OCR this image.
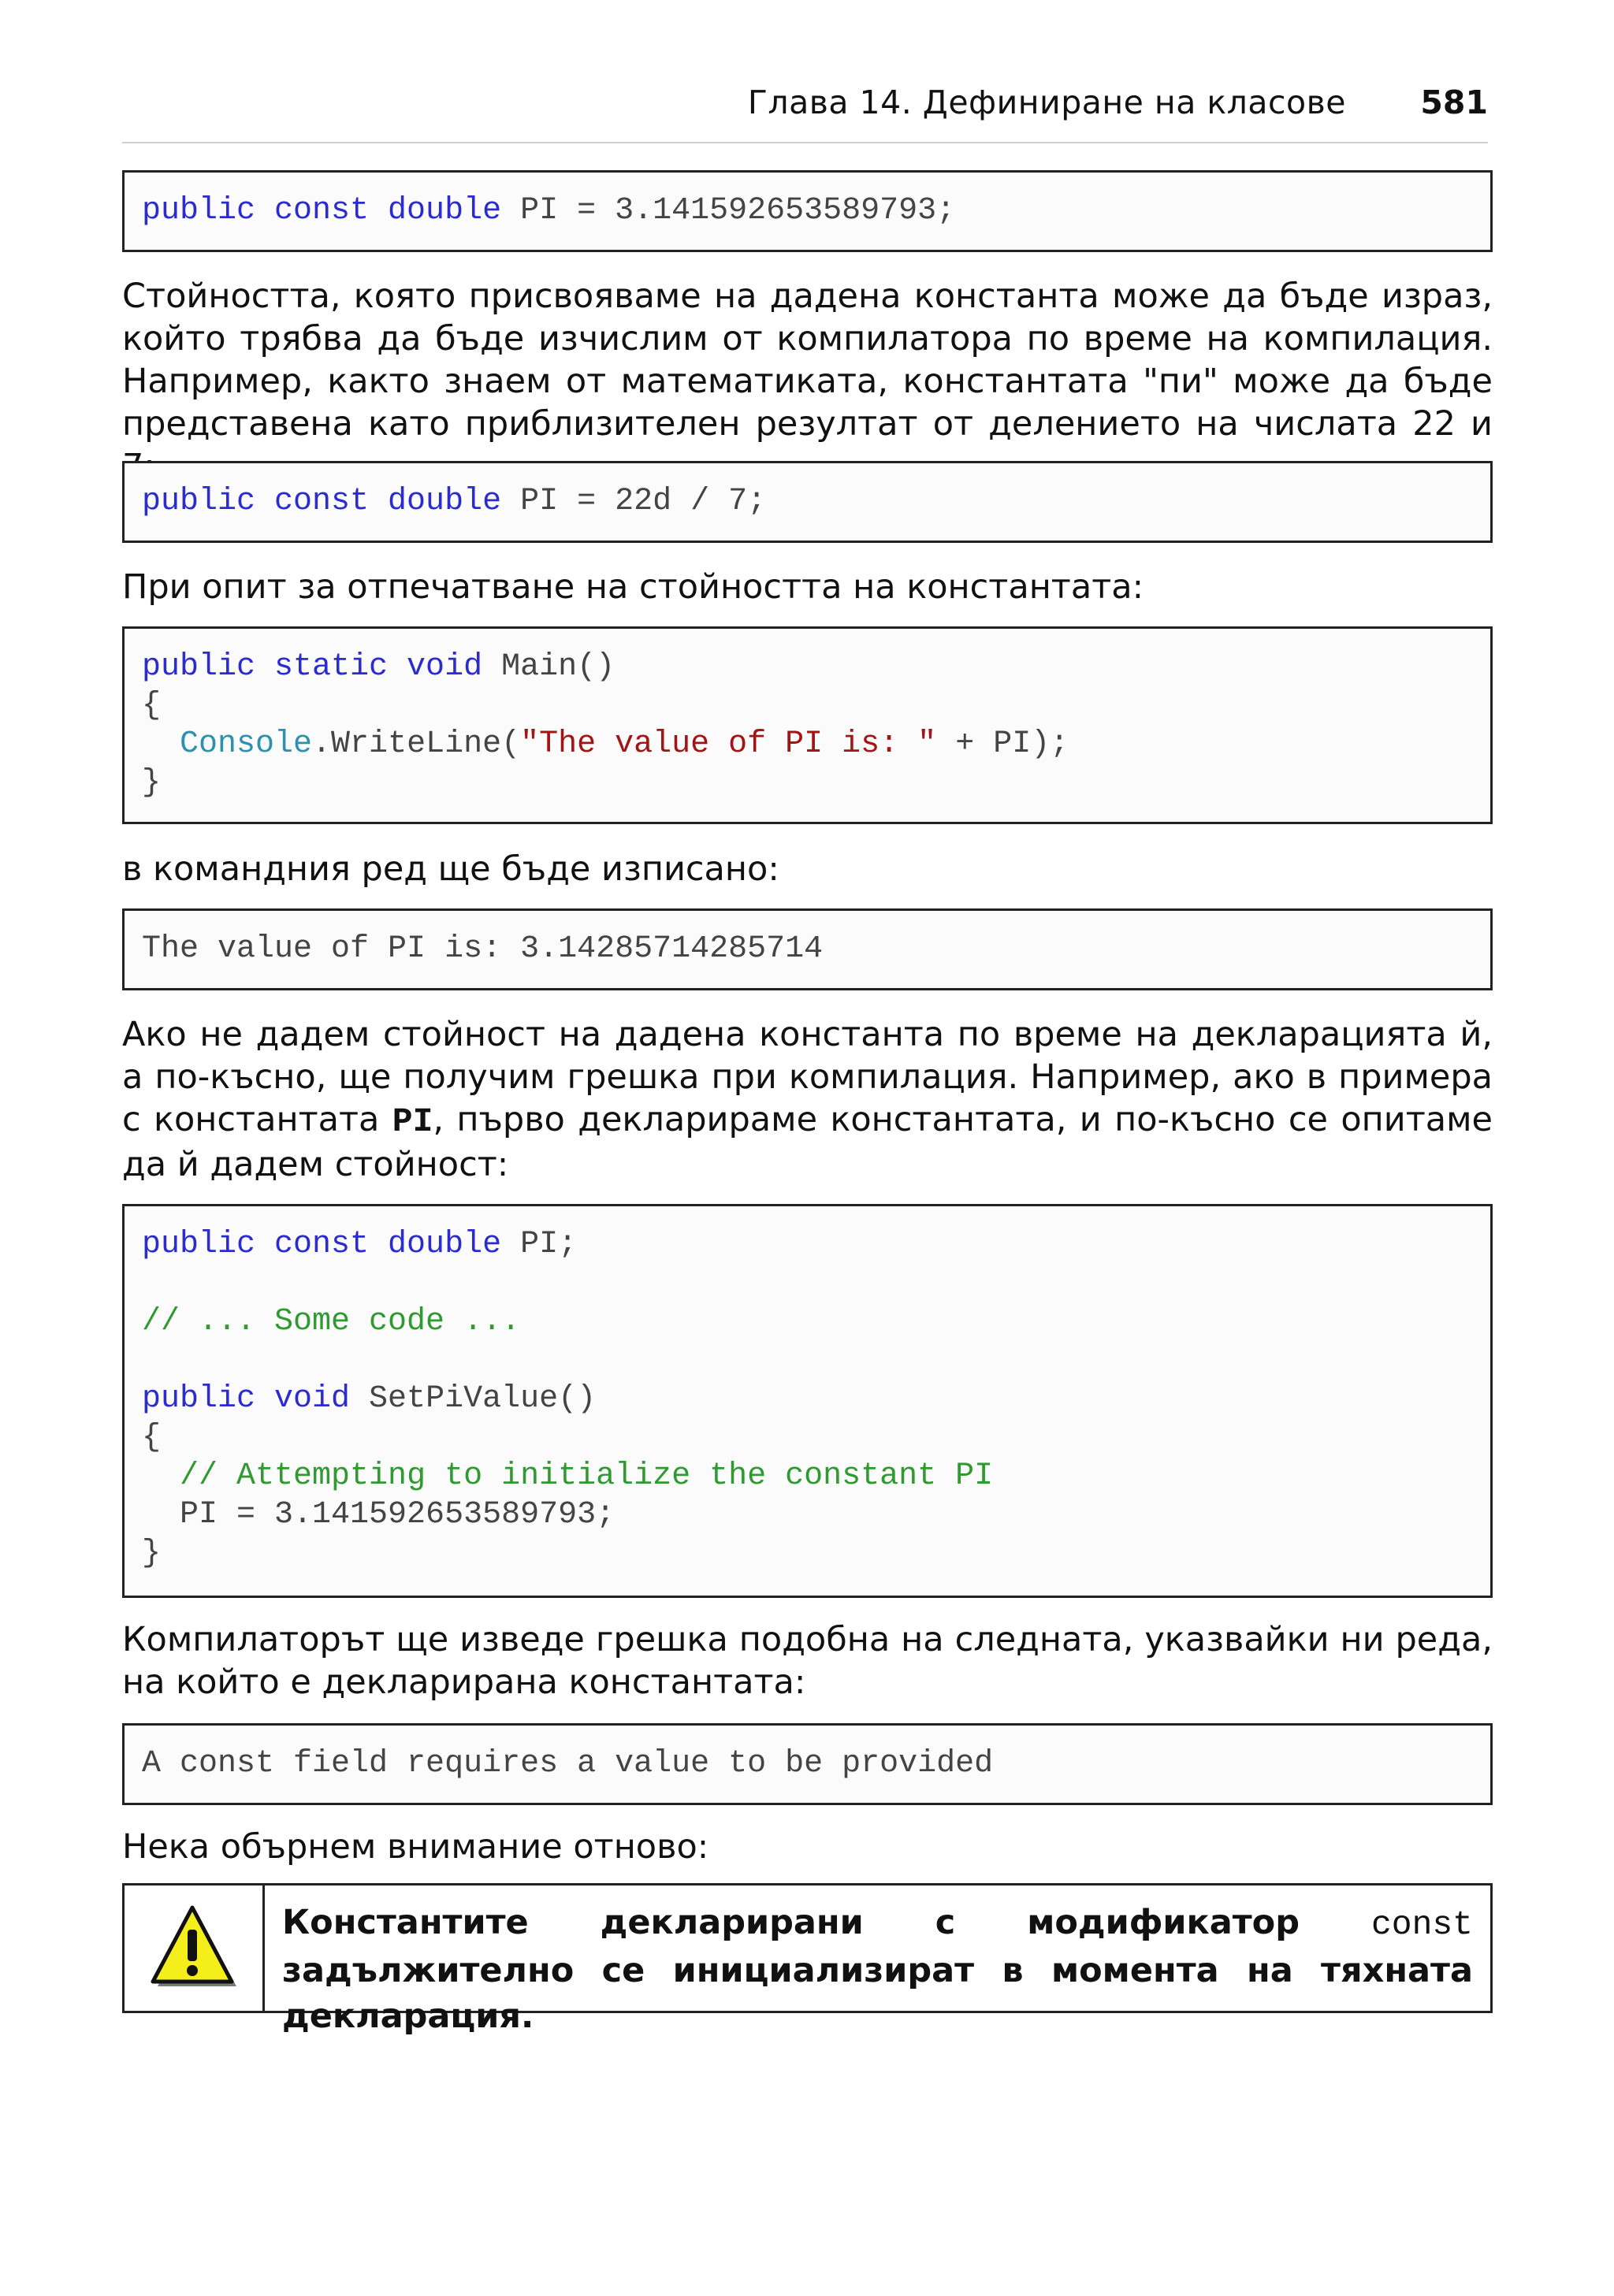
Глава 14. Дефиниране на класове 581
public const double PI = 3.141592653589793;
Стойността, която присвояваме на дадена константа може да бъде израз, който трябва да бъде изчислим от компилатора по време на компилация. Например, както знаем от математиката, константата "пи" може да бъде представена като приблизителен резултат от делението на числата 22 и
public const double PI = 22d / 7;
При опит за отпечатване на стойността на константата:
public static void Main()
{
Console.WriteLine("The value of PI is: " + PI);
}
в командния ред ще бъде изписано:
The value of PI is: 3.14285714285714
Ако не дадем стойност на дадена константа по време на декларацията й, а по-късно, ще получим грешка при компилация. Например, ако в примера с константата PI, първо декларираме константата, и по-късно се опитаме да й дадем стойност:
public const double PI;
// ... Some code ...
public void SetPiValue()
{
// Attempting to initialize the constant PI
PI = 3.141592653589793;
}
Компилаторът ще изведе грешка подобна на следната, указвайки ни реда, на който е декларирана константата:
A const field requires a value to be provided
Нека обърнем внимание отново:
Константите декларирани с модификатор const задължително се инициализират в момента на тяхната декларация.
